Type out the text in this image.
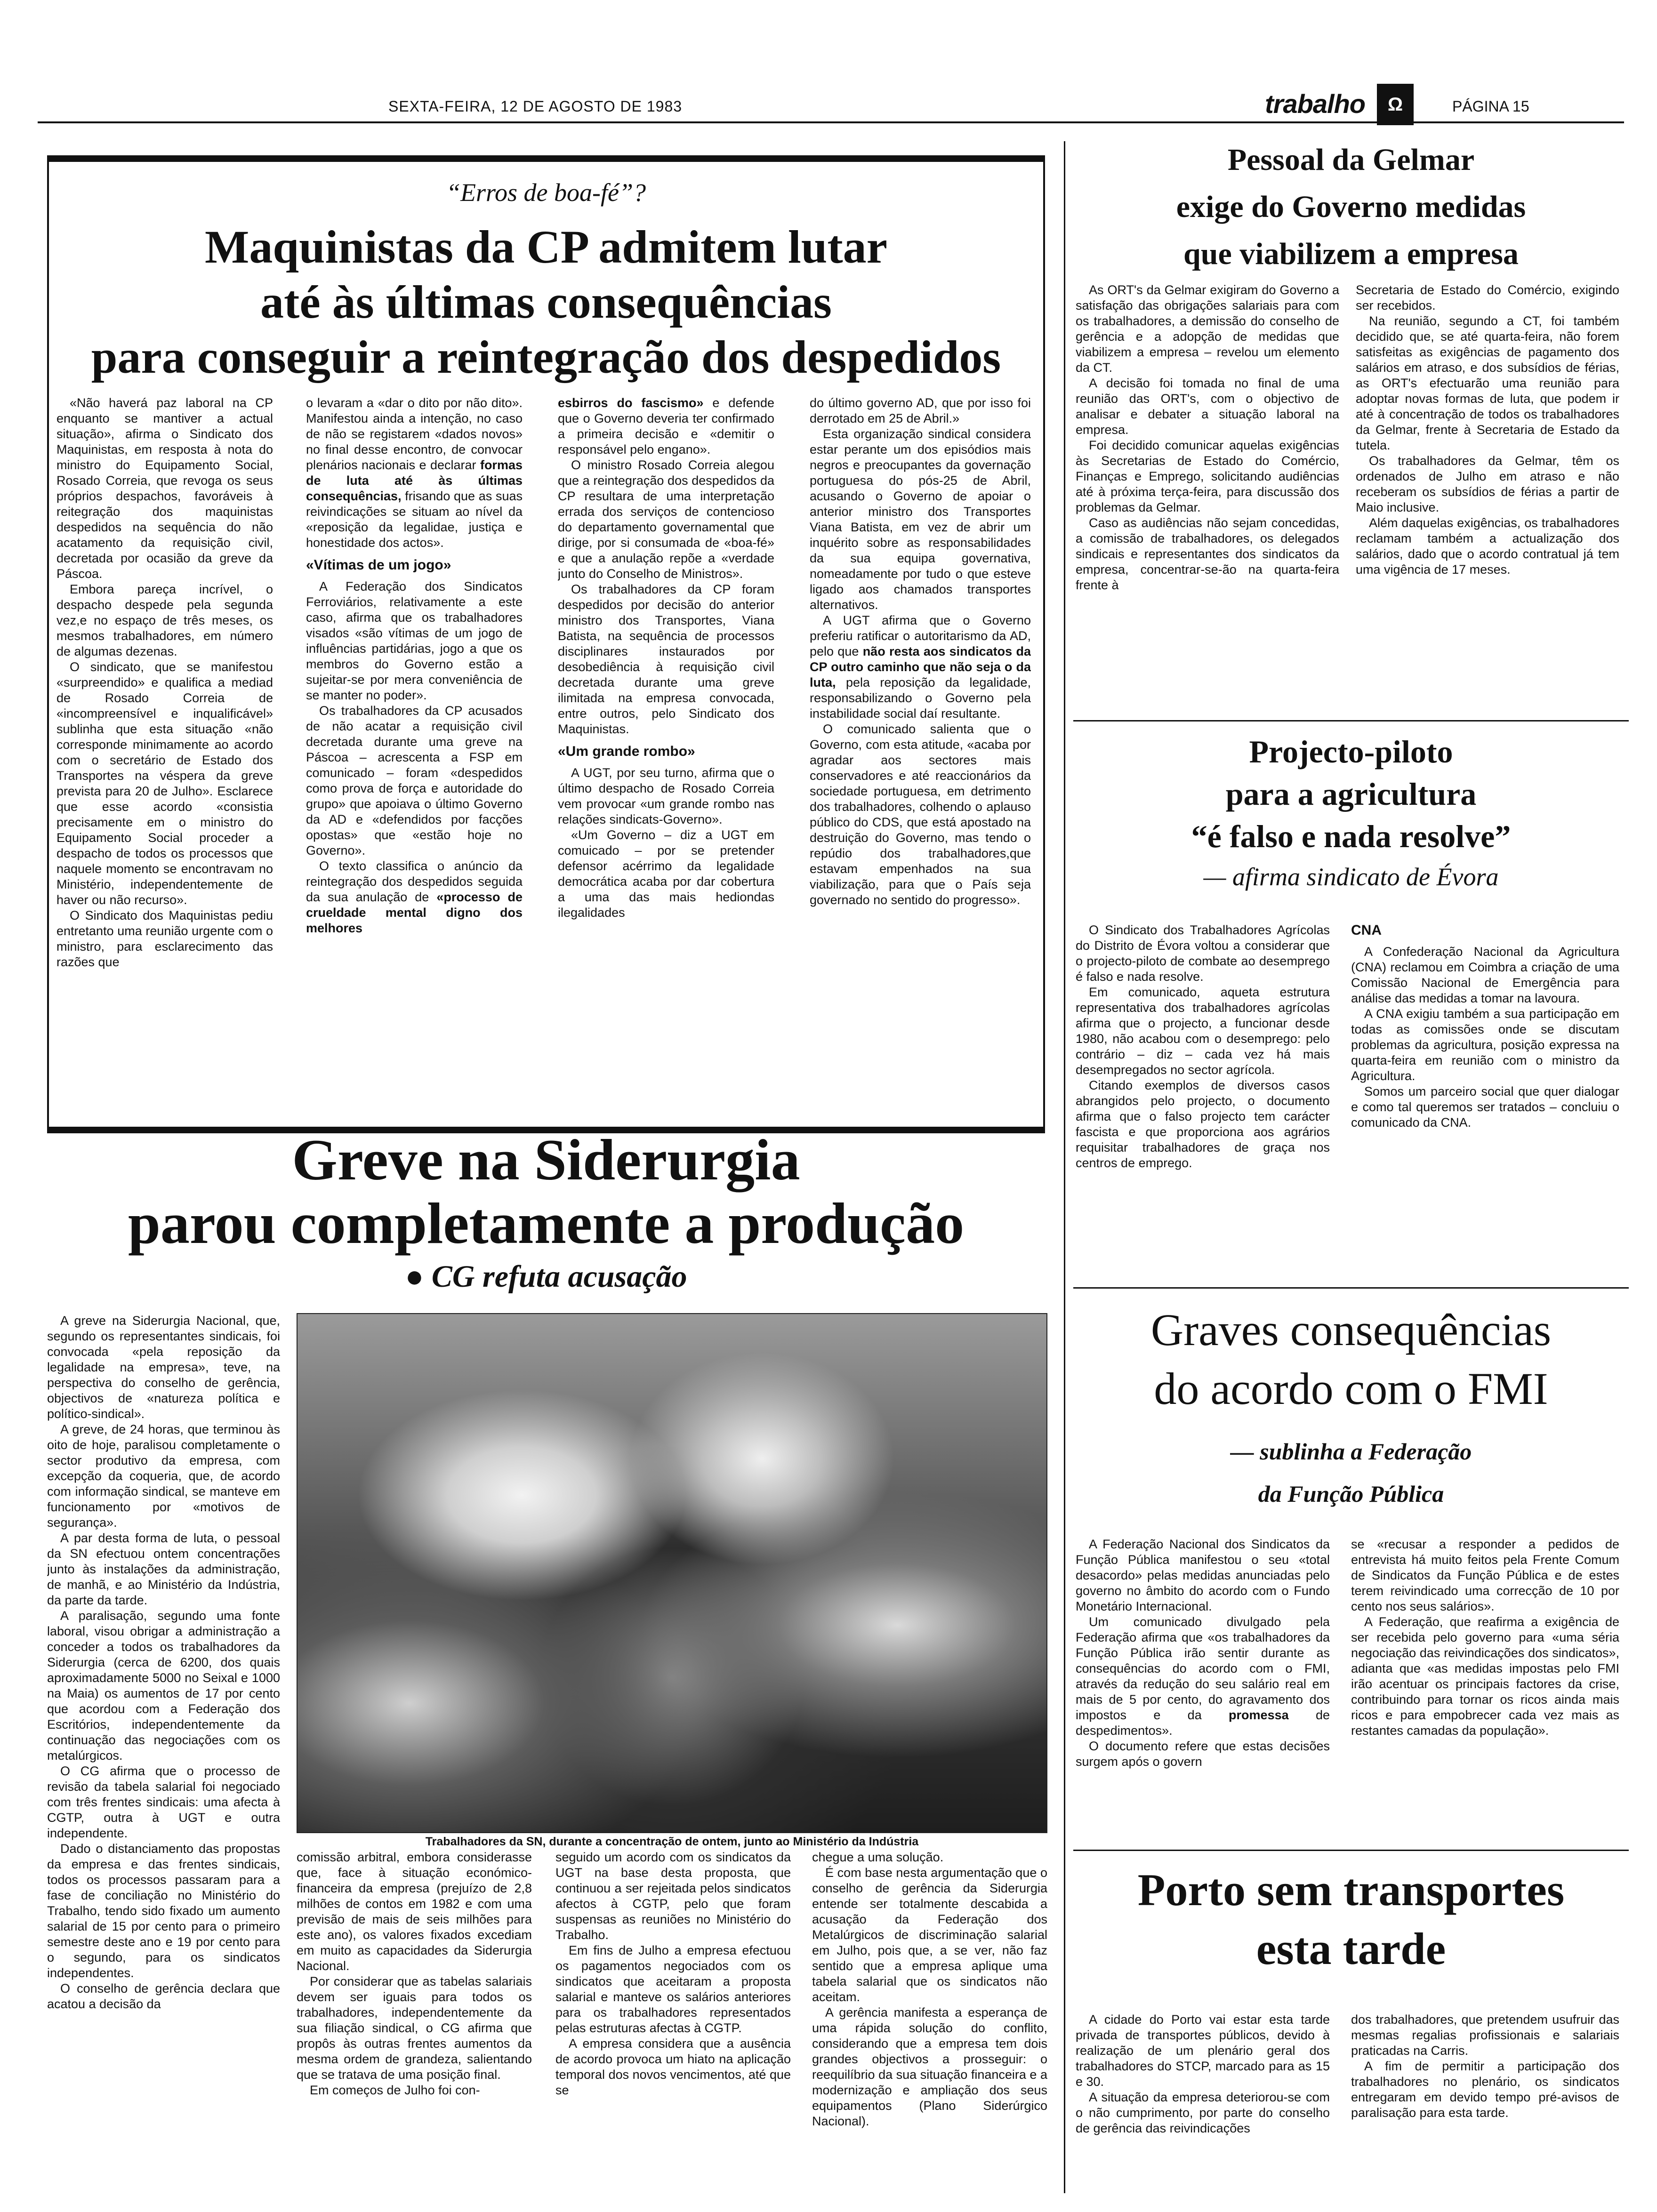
SEXTA-FEIRA, 12 DE AGOSTO DE 1983	trabalho	Ω	PÁGINA 15
“Erros de boa-fé”?
Maquinistas da CP admitem lutar
até às últimas consequências
para conseguir a reintegração dos despedidos

«Não haverá paz laboral na CP enquanto se mantiver a actual situação», afirma o Sindicato dos Maquinistas, em resposta à nota do ministro do Equipamento Social, Rosado Correia, que revoga os seus próprios despachos, favoráveis à reitegração dos maquinistas despedidos na sequência do não acatamento da requisição civil, decretada por ocasião da greve da Páscoa.

Embora pareça incrível, o despacho despede pela segunda vez,e no espaço de três meses, os mesmos trabalhadores, em número de algumas dezenas.

O sindicato, que se manifestou «surpreendido» e qualifica a mediad de Rosado Correia de «incompreensível e inqualificável» sublinha que esta situação «não corresponde minimamente ao acordo com o secretário de Estado dos Transportes na véspera da greve prevista para 20 de Julho». Esclarece que esse acordo «consistia precisamente em o ministro do Equipamento Social proceder a despacho de todos os processos que naquele momento se encontravam no Ministério, independentemente de haver ou não recurso».

O Sindicato dos Maquinistas pediu entretanto uma reunião urgente com o ministro, para esclarecimento das razões que

o levaram a «dar o dito por não dito». Manifestou ainda a intenção, no caso de não se registarem «dados novos» no final desse encontro, de convocar plenários nacionais e declarar formas de luta até às últimas consequências, frisando que as suas reivindicações se situam ao nível da «reposição da legalidae, justiça e honestidade dos actos».

«Vítimas de um jogo»

A Federação dos Sindicatos Ferroviários, relativamente a este caso, afirma que os trabalhadores visados «são vítimas de um jogo de influências partidárias, jogo a que os membros do Governo estão a sujeitar-se por mera conveniência de se manter no poder».

Os trabalhadores da CP acusados de não acatar a requisição civil decretada durante uma greve na Páscoa – acrescenta a FSP em comunicado – foram «despedidos como prova de força e autoridade do grupo» que apoiava o último Governo da AD e «defendidos por facções opostas» que «estão hoje no Governo».

O texto classifica o anúncio da reintegração dos despedidos seguida da sua anulação de «processo de crueldade mental digno dos melhores

esbirros do fascismo» e defende que o Governo deveria ter confirmado a primeira decisão e «demitir o responsável pelo engano».

O ministro Rosado Correia alegou que a reintegração dos despedidos da CP resultara de uma interpretação errada dos serviços de contencioso do departamento governamental que dirige, por si consumada de «boa-fé» e que a anulação repõe a «verdade junto do Conselho de Ministros».

Os trabalhadores da CP foram despedidos por decisão do anterior ministro dos Transportes, Viana Batista, na sequência de processos disciplinares instaurados por desobediência à requisição civil decretada durante uma greve ilimitada na empresa convocada, entre outros, pelo Sindicato dos Maquinistas.

«Um grande rombo»

A UGT, por seu turno, afirma que o último despacho de Rosado Correia vem provocar «um grande rombo nas relações sindicats-Governo».

«Um Governo – diz a UGT em comuicado – por se pretender defensor acérrimo da legalidade democrática acaba por dar cobertura a uma das mais hediondas ilegalidades

do último governo AD, que por isso foi derrotado em 25 de Abril.»

Esta organização sindical considera estar perante um dos episódios mais negros e preocupantes da governação portuguesa do pós-25 de Abril, acusando o Governo de apoiar o anterior ministro dos Transportes Viana Batista, em vez de abrir um inquérito sobre as responsabilidades da sua equipa governativa, nomeadamente por tudo o que esteve ligado aos chamados transportes alternativos.

A UGT afirma que o Governo preferiu ratificar o autoritarismo da AD, pelo que não resta aos sindicatos da CP outro caminho que não seja o da luta, pela reposição da legalidade, responsabilizando o Governo pela instabilidade social daí resultante.

O comunicado salienta que o Governo, com esta atitude, «acaba por agradar aos sectores mais conservadores e até reaccionários da sociedade portuguesa, em detrimento dos trabalhadores, colhendo o aplauso público do CDS, que está apostado na destruição do Governo, mas tendo o repúdio dos trabalhadores,que estavam empenhados na sua viabilização, para que o País seja governado no sentido do progresso».

Pessoal da Gelmar
exige do Governo medidas
que viabilizem a empresa

As ORT's da Gelmar exigiram do Governo a satisfação das obrigações salariais para com os trabalhadores, a demissão do conselho de gerência e a adopção de medidas que viabilizem a empresa – revelou um elemento da CT.

A decisão foi tomada no final de uma reunião das ORT's, com o objectivo de analisar e debater a situação laboral na empresa.

Foi decidido comunicar aquelas exigências às Secretarias de Estado do Comércio, Finanças e Emprego, solicitando audiências até à próxima terça-feira, para discussão dos problemas da Gelmar.

Caso as audiências não sejam concedidas, a comissão de trabalhadores, os delegados sindicais e representantes dos sindicatos da empresa, concentrar-se-ão na quarta-feira frente à

Secretaria de Estado do Comércio, exigindo ser recebidos.

Na reunião, segundo a CT, foi também decidido que, se até quarta-feira, não forem satisfeitas as exigências de pagamento dos salários em atraso, e dos subsídios de férias, as ORT's efectuarão uma reunião para adoptar novas formas de luta, que podem ir até à concentração de todos os trabalhadores da Gelmar, frente à Secretaria de Estado da tutela.

Os trabalhadores da Gelmar, têm os ordenados de Julho em atraso e não receberam os subsídios de férias a partir de Maio inclusive.

Além daquelas exigências, os trabalhadores reclamam também a actualização dos salários, dado que o acordo contratual já tem uma vigência de 17 meses.

Projecto-piloto
para a agricultura
“é falso e nada resolve”
— afirma sindicato de Évora

O Sindicato dos Trabalhadores Agrícolas do Distrito de Évora voltou a considerar que o projecto-piloto de combate ao desemprego é falso e nada resolve.

Em comunicado, aqueta estrutura representativa dos trabalhadores agrícolas afirma que o projecto, a funcionar desde 1980, não acabou com o desemprego: pelo contrário – diz – cada vez há mais desempregados no sector agrícola.

Citando exemplos de diversos casos abrangidos pelo projecto, o documento afirma que o falso projecto tem carácter fascista e que proporciona aos agrários requisitar trabalhadores de graça nos centros de emprego.

CNA

A Confederação Nacional da Agricultura (CNA) reclamou em Coimbra a criação de uma Comissão Nacional de Emergência para análise das medidas a tomar na lavoura.

A CNA exigiu também a sua participação em todas as comissões onde se discutam problemas da agricultura, posição expressa na quarta-feira em reunião com o ministro da Agricultura.

Somos um parceiro social que quer dialogar e como tal queremos ser tratados – concluiu o comunicado da CNA.

Graves consequências
do acordo com o FMI
— sublinha a Federação
da Função Pública

A Federação Nacional dos Sindicatos da Função Pública manifestou o seu «total desacordo» pelas medidas anunciadas pelo governo no âmbito do acordo com o Fundo Monetário Internacional.

Um comunicado divulgado pela Federação afirma que «os trabalhadores da Função Pública irão sentir durante as consequências do acordo com o FMI, através da redução do seu salário real em mais de 5 por cento, do agravamento dos impostos e da promessa de despedimentos».

O documento refere que estas decisões surgem após o govern

se «recusar a responder a pedidos de entrevista há muito feitos pela Frente Comum de Sindicatos da Função Pública e de estes terem reivindicado uma correcção de 10 por cento nos seus salários».

A Federação, que reafirma a exigência de ser recebida pelo governo para «uma séria negociação das reivindicações dos sindicatos», adianta que «as medidas impostas pelo FMI irão acentuar os principais factores da crise, contribuindo para tornar os ricos ainda mais ricos e para empobrecer cada vez mais as restantes camadas da população».

Porto sem transportes
esta tarde

A cidade do Porto vai estar esta tarde privada de transportes públicos, devido à realização de um plenário geral dos trabalhadores do STCP, marcado para as 15 e 30.

A situação da empresa deteriorou-se com o não cumprimento, por parte do conselho de gerência das reivindicações

dos trabalhadores, que pretendem usufruir das mesmas regalias profissionais e salariais praticadas na Carris.

A fim de permitir a participação dos trabalhadores no plenário, os sindicatos entregaram em devido tempo pré-avisos de paralisação para esta tarde.

Greve na Siderurgia
parou completamente a produção
● CG refuta acusação

A greve na Siderurgia Nacional, que, segundo os representantes sindicais, foi convocada «pela reposição da legalidade na empresa», teve, na perspectiva do conselho de gerência, objectivos de «natureza política e político-sindical».

A greve, de 24 horas, que terminou às oito de hoje, paralisou completamente o sector produtivo da empresa, com excepção da coqueria, que, de acordo com informação sindical, se manteve em funcionamento por «motivos de segurança».

A par desta forma de luta, o pessoal da SN efectuou ontem concentrações junto às instalações da administração, de manhã, e ao Ministério da Indústria, da parte da tarde.

A paralisação, segundo uma fonte laboral, visou obrigar a administração a conceder a todos os trabalhadores da Siderurgia (cerca de 6200, dos quais aproximadamente 5000 no Seixal e 1000 na Maia) os aumentos de 17 por cento que acordou com a Federação dos Escritórios, independentemente da continuação das negociações com os metalúrgicos.

O CG afirma que o processo de revisão da tabela salarial foi negociado com três frentes sindicais: uma afecta à CGTP, outra à UGT e outra independente.

Dado o distanciamento das propostas da empresa e das frentes sindicais, todos os processos passaram para a fase de conciliação no Ministério do Trabalho, tendo sido fixado um aumento salarial de 15 por cento para o primeiro semestre deste ano e 19 por cento para o segundo, para os sindicatos independentes.

O conselho de gerência declara que acatou a decisão da

Trabalhadores da SN, durante a concentração de ontem, junto ao Ministério da Indústria

comissão arbitral, embora considerasse que, face à situação económico-financeira da empresa (prejuízo de 2,8 milhões de contos em 1982 e com uma previsão de mais de seis milhões para este ano), os valores fixados excediam em muito as capacidades da Siderurgia Nacional.

Por considerar que as tabelas salariais devem ser iguais para todos os trabalhadores, independentemente da sua filiação sindical, o CG afirma que propôs às outras frentes aumentos da mesma ordem de grandeza, salientando que se tratava de uma posição final.

Em começos de Julho foi con-

seguido um acordo com os sindicatos da UGT na base desta proposta, que continuou a ser rejeitada pelos sindicatos afectos à CGTP, pelo que foram suspensas as reuniões no Ministério do Trabalho.

Em fins de Julho a empresa efectuou os pagamentos negociados com os sindicatos que aceitaram a proposta salarial e manteve os salários anteriores para os trabalhadores representados pelas estruturas afectas à CGTP.

A empresa considera que a ausência de acordo provoca um hiato na aplicação temporal dos novos vencimentos, até que se

chegue a uma solução.

É com base nesta argumentação que o conselho de gerência da Siderurgia entende ser totalmente descabida a acusação da Federação dos Metalúrgicos de discriminação salarial em Julho, pois que, a se ver, não faz sentido que a empresa aplique uma tabela salarial que os sindicatos não aceitam.

A gerência manifesta a esperança de uma rápida solução do conflito, considerando que a empresa tem dois grandes objectivos a prosseguir: o reequilíbrio da sua situação financeira e a modernização e ampliação dos seus equipamentos (Plano Siderúrgico Nacional).
